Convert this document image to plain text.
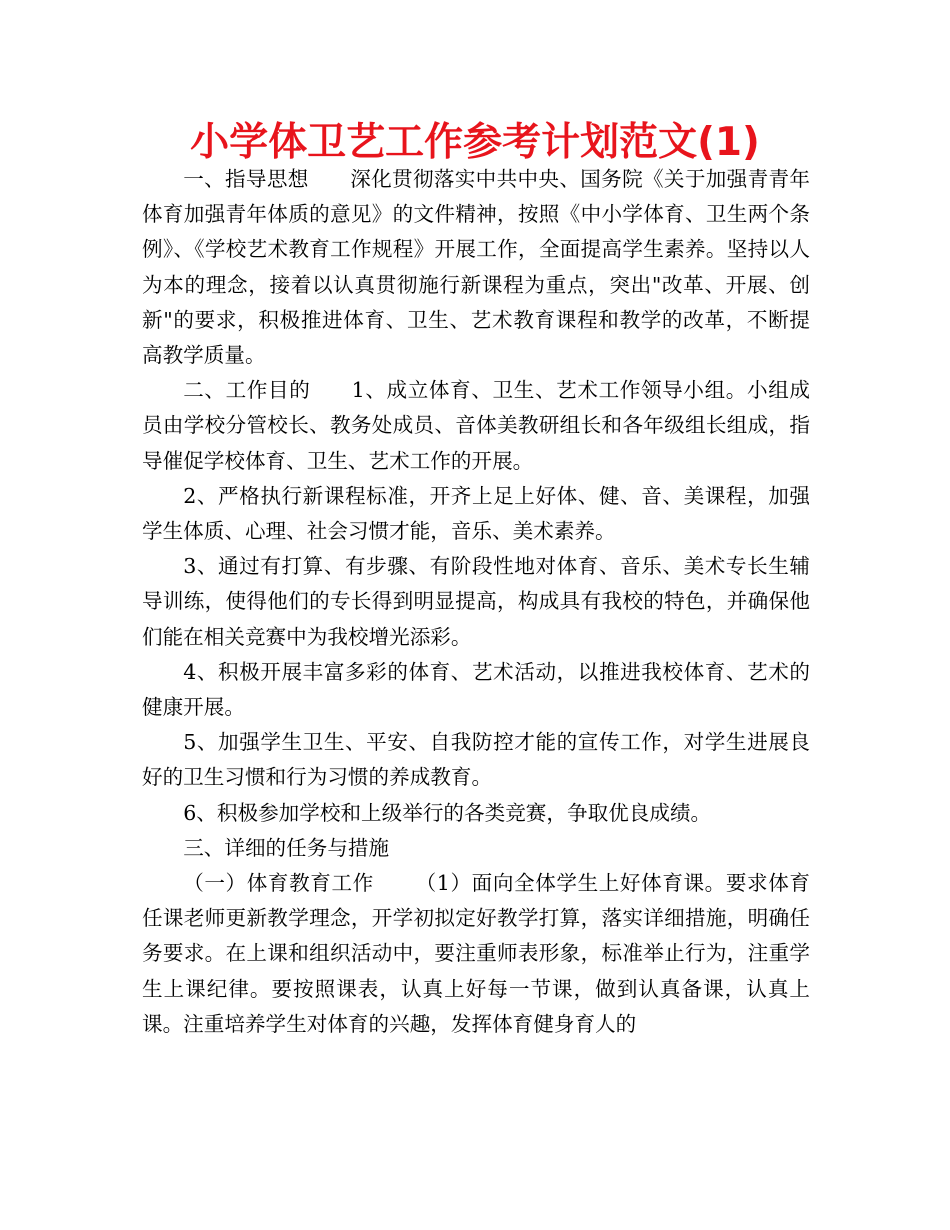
小学体卫艺工作参考计划范文(1)

一、指导思想 深化贯彻落实中共中央、国务院《关于加强青青年体育加强青年体质的意见》的文件精神，按照《中小学体育、卫生两个条例》、《学校艺术教育工作规程》开展工作，全面提高学生素养。坚持以人为本的理念，接着以认真贯彻施行新课程为重点，突出"改革、开展、创新"的要求，积极推进体育、卫生、艺术教育课程和教学的改革，不断提高教学质量。

二、工作目的 1、成立体育、卫生、艺术工作领导小组。小组成员由学校分管校长、教务处成员、音体美教研组长和各年级组长组成，指导催促学校体育、卫生、艺术工作的开展。

2、严格执行新课程标准，开齐上足上好体、健、音、美课程，加强学生体质、心理、社会习惯才能，音乐、美术素养。

3、通过有打算、有步骤、有阶段性地对体育、音乐、美术专长生辅导训练，使得他们的专长得到明显提高，构成具有我校的特色，并确保他们能在相关竞赛中为我校增光添彩。

4、积极开展丰富多彩的体育、艺术活动，以推进我校体育、艺术的健康开展。

5、加强学生卫生、平安、自我防控才能的宣传工作，对学生进展良好的卫生习惯和行为习惯的养成教育。

6、积极参加学校和上级举行的各类竞赛，争取优良成绩。

三、详细的任务与措施

（一）体育教育工作 （1）面向全体学生上好体育课。要求体育任课老师更新教学理念，开学初拟定好教学打算，落实详细措施，明确任务要求。在上课和组织活动中，要注重师表形象，标准举止行为，注重学生上课纪律。要按照课表，认真上好每一节课，做到认真备课，认真上课。注重培养学生对体育的兴趣，发挥体育健身育人的
